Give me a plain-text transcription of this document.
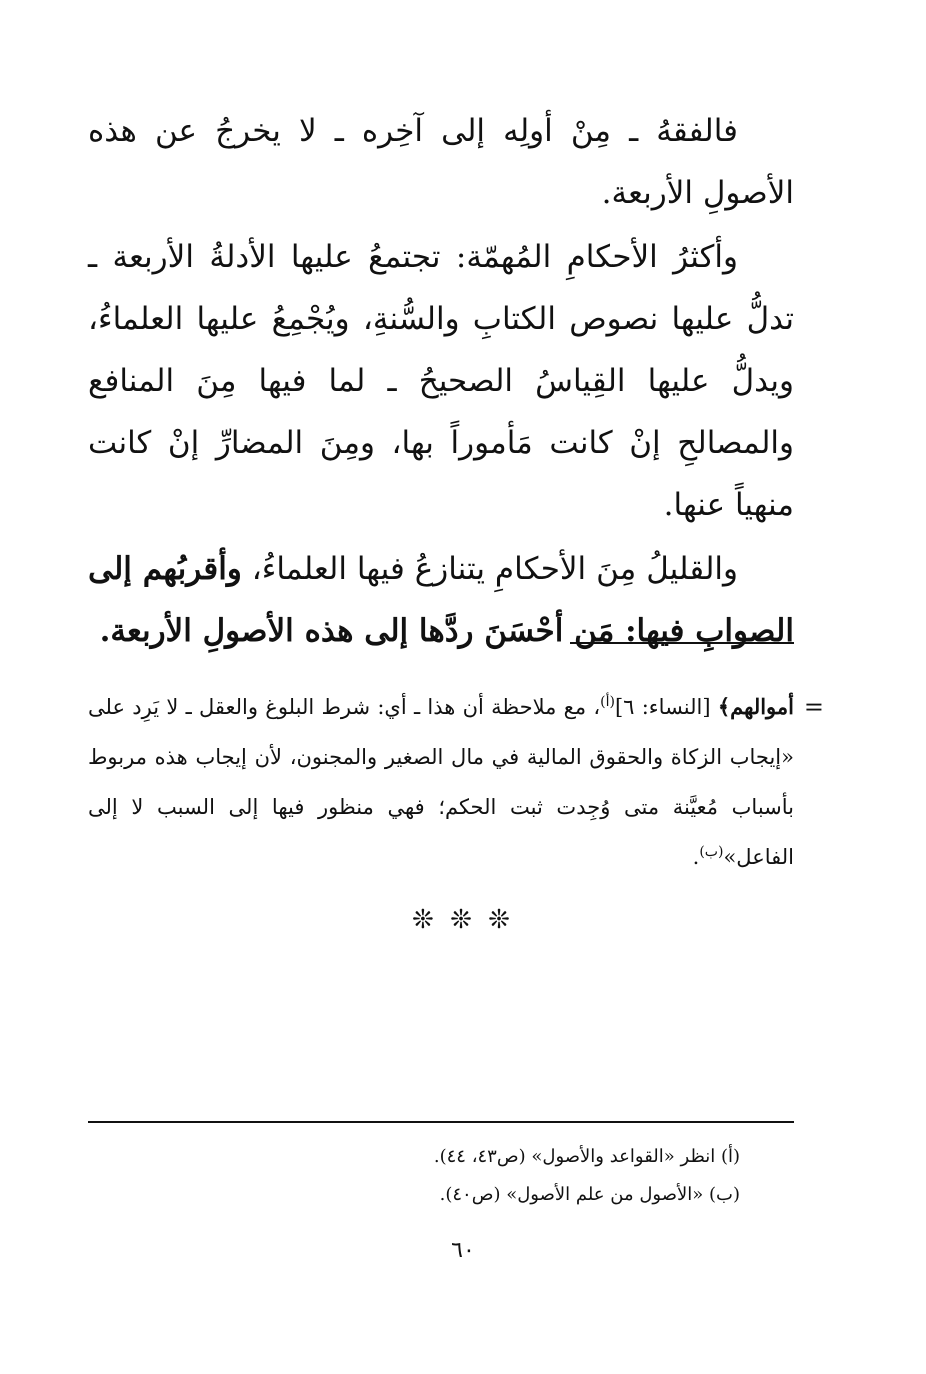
فالفقهُ ـ مِنْ أولِه إلى آخِره ـ لا يخرجُ عن هذه الأصولِ الأربعة.

وأكثرُ الأحكامِ المُهمّة: تجتمعُ عليها الأدلةُ الأربعة ـ تدلُّ عليها نصوص الكتابِ والسُّنةِ، ويُجْمِعُ عليها العلماءُ، ويدلُّ عليها القِياسُ الصحيحُ ـ لما فيها مِنَ المنافع والمصالحِ إنْ كانت مَأموراً بها، ومِنَ المضارِّ إنْ كانت منهياً عنها.

والقليلُ مِنَ الأحكامِ يتنازعُ فيها العلماءُ، وأقربُهم إلى الصوابِ فيها: مَن أحْسَنَ ردَّها إلى هذه الأصولِ الأربعة.

=

أموالهم﴾ [النساء: ٦]$^{(أ)}$، مع ملاحظة أن هذا ـ أي: شرط البلوغ والعقل ـ لا يَرِد على «إيجاب الزكاة والحقوق المالية في مال الصغير والمجنون، لأن إيجاب هذه مربوط بأسباب مُعيَّنة متى وُجِدت ثبت الحكم؛ فهي منظور فيها إلى السبب لا إلى الفاعل»$^{(ب)}$.

❊ ❊ ❊

(أ) انظر «القواعد والأصول» (ص٤٣، ٤٤).

(ب) «الأصول من علم الأصول» (ص٤٠).

٦٠
